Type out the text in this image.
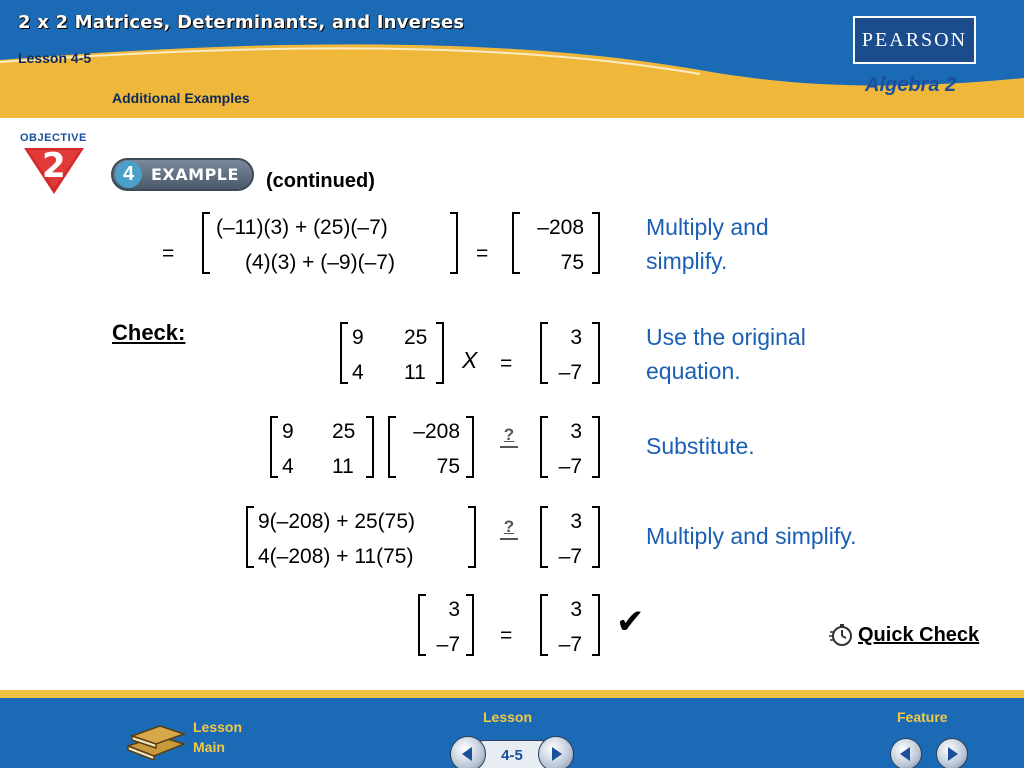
2 x 2 Matrices, Determinants, and Inverses
Lesson 4-5
Additional Examples
PEARSON
Algebra 2
OBJECTIVE
2	4	EXAMPLE (continued)
=
(–11)(3) + (25)(–7)
(4)(3) + (–9)(–7)	=
–208
75
Multiply and
simplify.
Check:	9 25
4 11 X =
3
–7
Use the original
equation.
9 25
4 11
–208
75
?	3
–7
Substitute.
9(–208) + 25(75)
4(–208) + 11(75)
?	3
–7
Multiply and simplify.
3
–7 =
3
–7
✔	Quick Check
Lesson
Main
Lesson
4-5
Feature
